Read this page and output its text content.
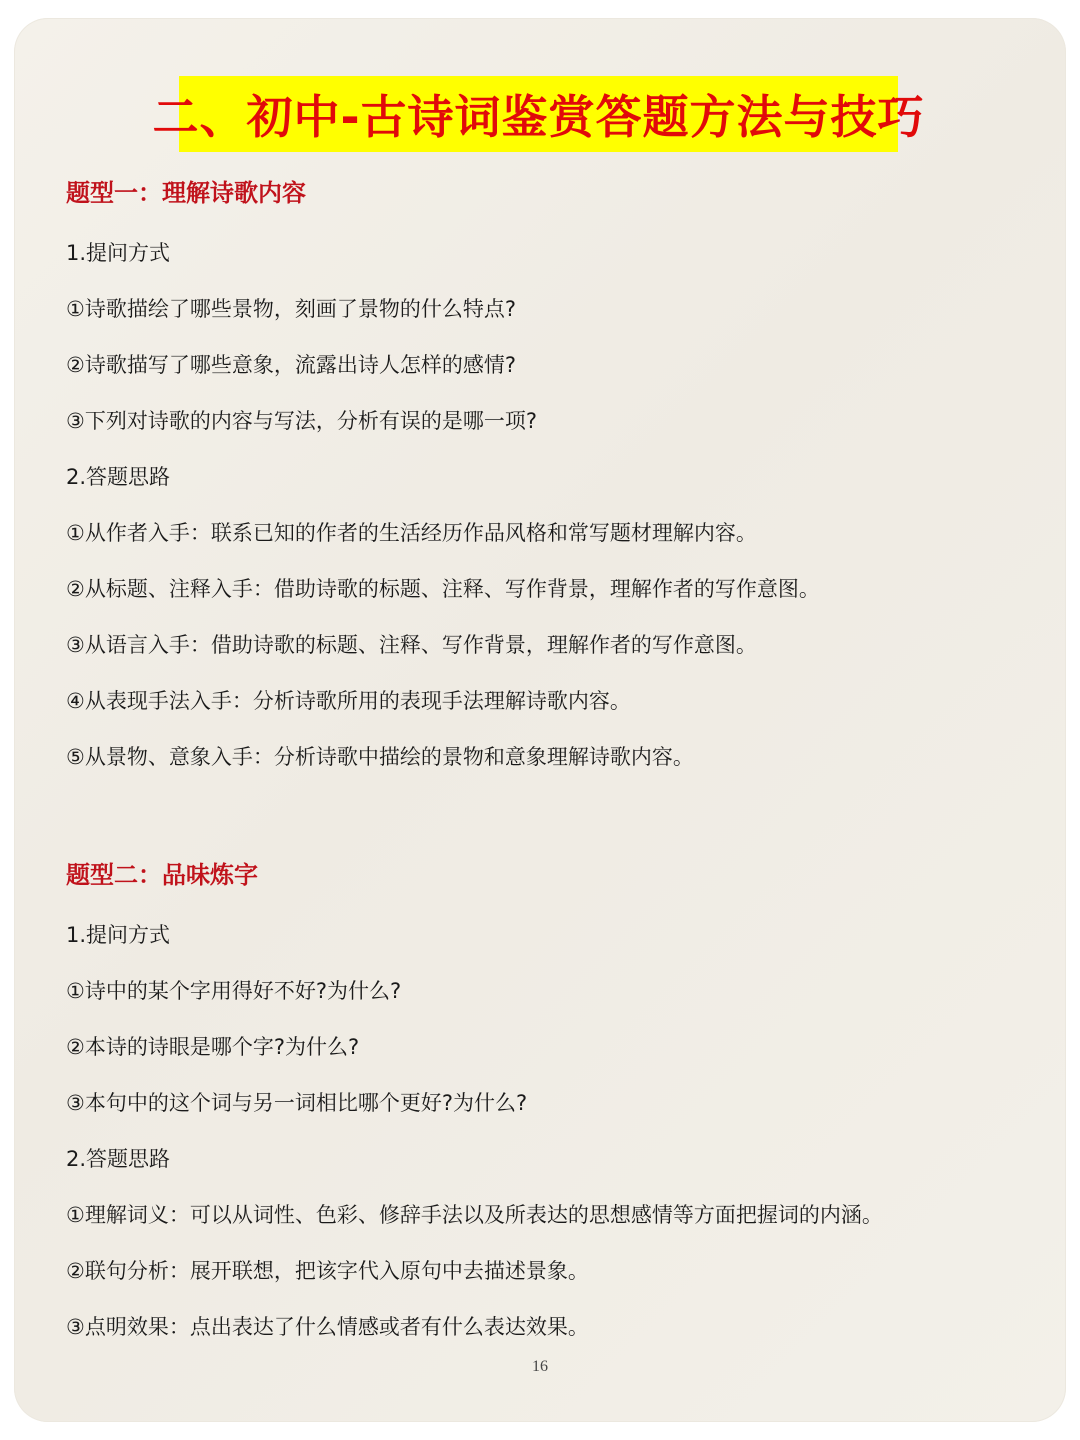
二、初中-古诗词鉴赏答题方法与技巧
题型一：理解诗歌内容
1.提问方式
①诗歌描绘了哪些景物，刻画了景物的什么特点?
②诗歌描写了哪些意象，流露出诗人怎样的感情?
③下列对诗歌的内容与写法，分析有误的是哪一项?
2.答题思路
①从作者入手：联系已知的作者的生活经历作品风格和常写题材理解内容。
②从标题、注释入手：借助诗歌的标题、注释、写作背景，理解作者的写作意图。
③从语言入手：借助诗歌的标题、注释、写作背景，理解作者的写作意图。
④从表现手法入手：分析诗歌所用的表现手法理解诗歌内容。
⑤从景物、意象入手：分析诗歌中描绘的景物和意象理解诗歌内容。
题型二：品味炼字
1.提问方式
①诗中的某个字用得好不好?为什么?
②本诗的诗眼是哪个字?为什么?
③本句中的这个词与另一词相比哪个更好?为什么?
2.答题思路
①理解词义：可以从词性、色彩、修辞手法以及所表达的思想感情等方面把握词的内涵。
②联句分析：展开联想，把该字代入原句中去描述景象。
③点明效果：点出表达了什么情感或者有什么表达效果。
16
